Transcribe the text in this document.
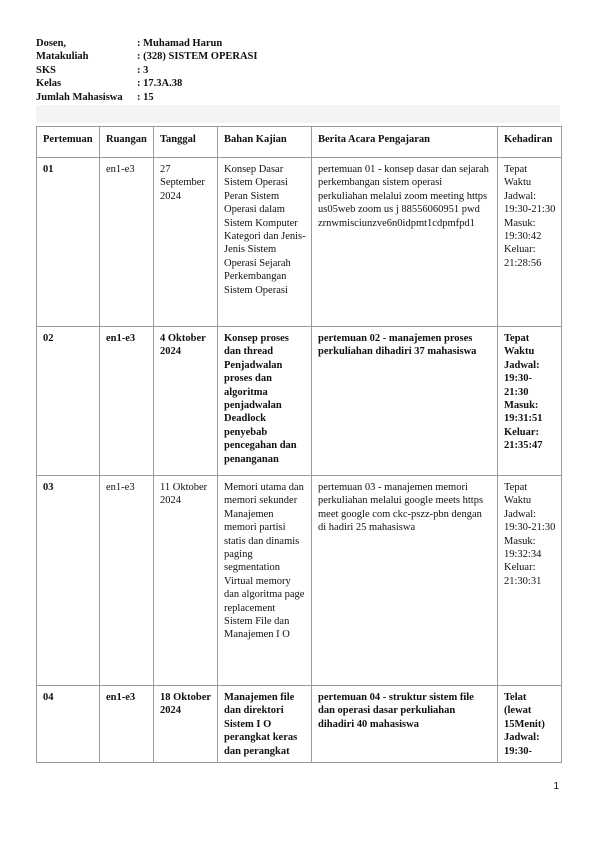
Dosen,	: Muhamad Harun
Matakuliah	: (328) SISTEM OPERASI
SKS	: 3
Kelas	: 17.3A.38
Jumlah Mahasiswa	: 15
Pertemuan	Ruangan	Tanggal	Bahan Kajian	Berita Acara Pengajaran	Kehadiran
01	en1-e3	27 September 2024	Konsep Dasar Sistem Operasi Peran Sistem Operasi dalam Sistem Komputer Kategori dan Jenis-Jenis Sistem Operasi Sejarah Perkembangan Sistem Operasi	pertemuan 01 - konsep dasar dan sejarah perkembangan sistem operasi perkuliahan melalui zoom meeting https us05web zoom us j 88556060951 pwd zrnwmisciunzve6n0idpmt1cdpmfpd1	Tepat Waktu Jadwal: 19:30-21:30 Masuk: 19:30:42 Keluar: 21:28:56
02	en1-e3	4 Oktober 2024	Konsep proses dan thread Penjadwalan proses dan algoritma penjadwalan Deadlock penyebab pencegahan dan penanganan	pertemuan 02 - manajemen proses perkuliahan dihadiri 37 mahasiswa	Tepat Waktu Jadwal: 19:30-21:30 Masuk: 19:31:51 Keluar: 21:35:47
03	en1-e3	11 Oktober 2024	Memori utama dan memori sekunder Manajemen memori partisi statis dan dinamis paging segmentation Virtual memory dan algoritma page replacement Sistem File dan Manajemen I O	pertemuan 03 - manajemen memori perkuliahan melalui google meets https meet google com ckc-pszz-pbn dengan di hadiri 25 mahasiswa	Tepat Waktu Jadwal: 19:30-21:30 Masuk: 19:32:34 Keluar: 21:30:31
04	en1-e3	18 Oktober 2024	Manajemen file dan direktori Sistem I O perangkat keras dan perangkat	pertemuan 04 - struktur sistem file dan operasi dasar perkuliahan dihadiri 40 mahasiswa	Telat (lewat 15Menit) Jadwal: 19:30-
1
